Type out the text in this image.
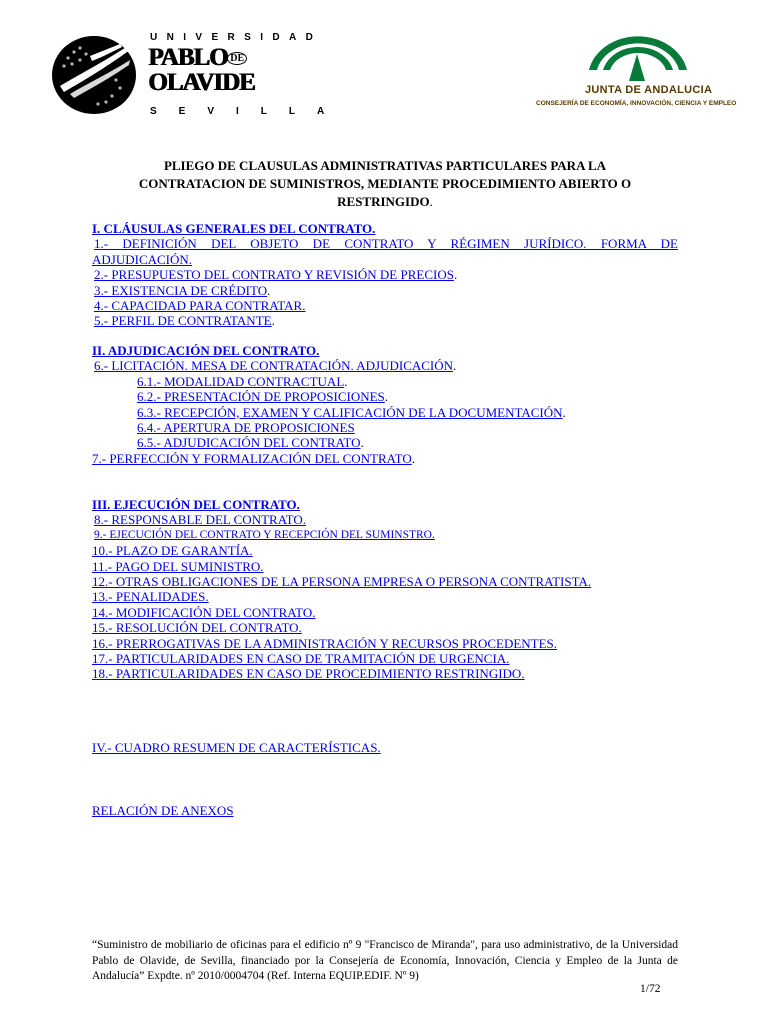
UNIVERSIDAD
PABLO DE
OLAVIDE
SEVILLA
JUNTA DE ANDALUCIA
CONSEJERÍA DE ECONOMÍA, INNOVACIÓN, CIENCIA Y EMPLEO
PLIEGO DE CLAUSULAS ADMINISTRATIVAS PARTICULARES PARA LA
CONTRATACION DE SUMINISTROS, MEDIANTE PROCEDIMIENTO ABIERTO O
RESTRINGIDO.
I. CLÁUSULAS GENERALES DEL CONTRATO.
1.- DEFINICIÓN DEL OBJETO DE CONTRATO Y RÉGIMEN JURÍDICO. FORMA DE
ADJUDICACIÓN.
2.- PRESUPUESTO DEL CONTRATO Y REVISIÓN DE PRECIOS.
3.- EXISTENCIA DE CRÉDITO.
4.- CAPACIDAD PARA CONTRATAR.
5.- PERFIL DE CONTRATANTE.
II. ADJUDICACIÓN DEL CONTRATO.
6.- LICITACIÓN. MESA DE CONTRATACIÓN. ADJUDICACIÓN.
6.1.- MODALIDAD CONTRACTUAL.
6.2.- PRESENTACIÓN DE PROPOSICIONES.
6.3.- RECEPCIÓN, EXAMEN Y CALIFICACIÓN DE LA DOCUMENTACIÓN.
6.4.- APERTURA DE PROPOSICIONES
6.5.- ADJUDICACIÓN DEL CONTRATO.
7.- PERFECCIÓN Y FORMALIZACIÓN DEL CONTRATO.
III. EJECUCIÓN DEL CONTRATO.
8.- RESPONSABLE DEL CONTRATO.
9.- EJECUCIÓN DEL CONTRATO Y RECEPCIÓN DEL SUMINSTRO.
10.- PLAZO DE GARANTÍA.
11.- PAGO DEL SUMINISTRO.
12.- OTRAS OBLIGACIONES DE LA PERSONA EMPRESA O PERSONA CONTRATISTA.
13.- PENALIDADES.
14.- MODIFICACIÓN DEL CONTRATO.
15.- RESOLUCIÓN DEL CONTRATO.
16.- PRERROGATIVAS DE LA ADMINISTRACIÓN Y RECURSOS PROCEDENTES.
17.- PARTICULARIDADES EN CASO DE TRAMITACIÓN DE URGENCIA.
18.- PARTICULARIDADES EN CASO DE PROCEDIMIENTO RESTRINGIDO.
IV.- CUADRO RESUMEN DE CARACTERÍSTICAS.
RELACIÓN DE ANEXOS
“Suministro de mobiliario de oficinas para el edificio nº 9 "Francisco de Miranda", para uso administrativo, de la Universidad Pablo de Olavide, de Sevilla, financiado por la Consejería de Economía, Innovación, Ciencia y Empleo de la Junta de Andalucía” Expdte. nº 2010/0004704 (Ref. Interna EQUIP.EDIF. Nº 9)
1/72
